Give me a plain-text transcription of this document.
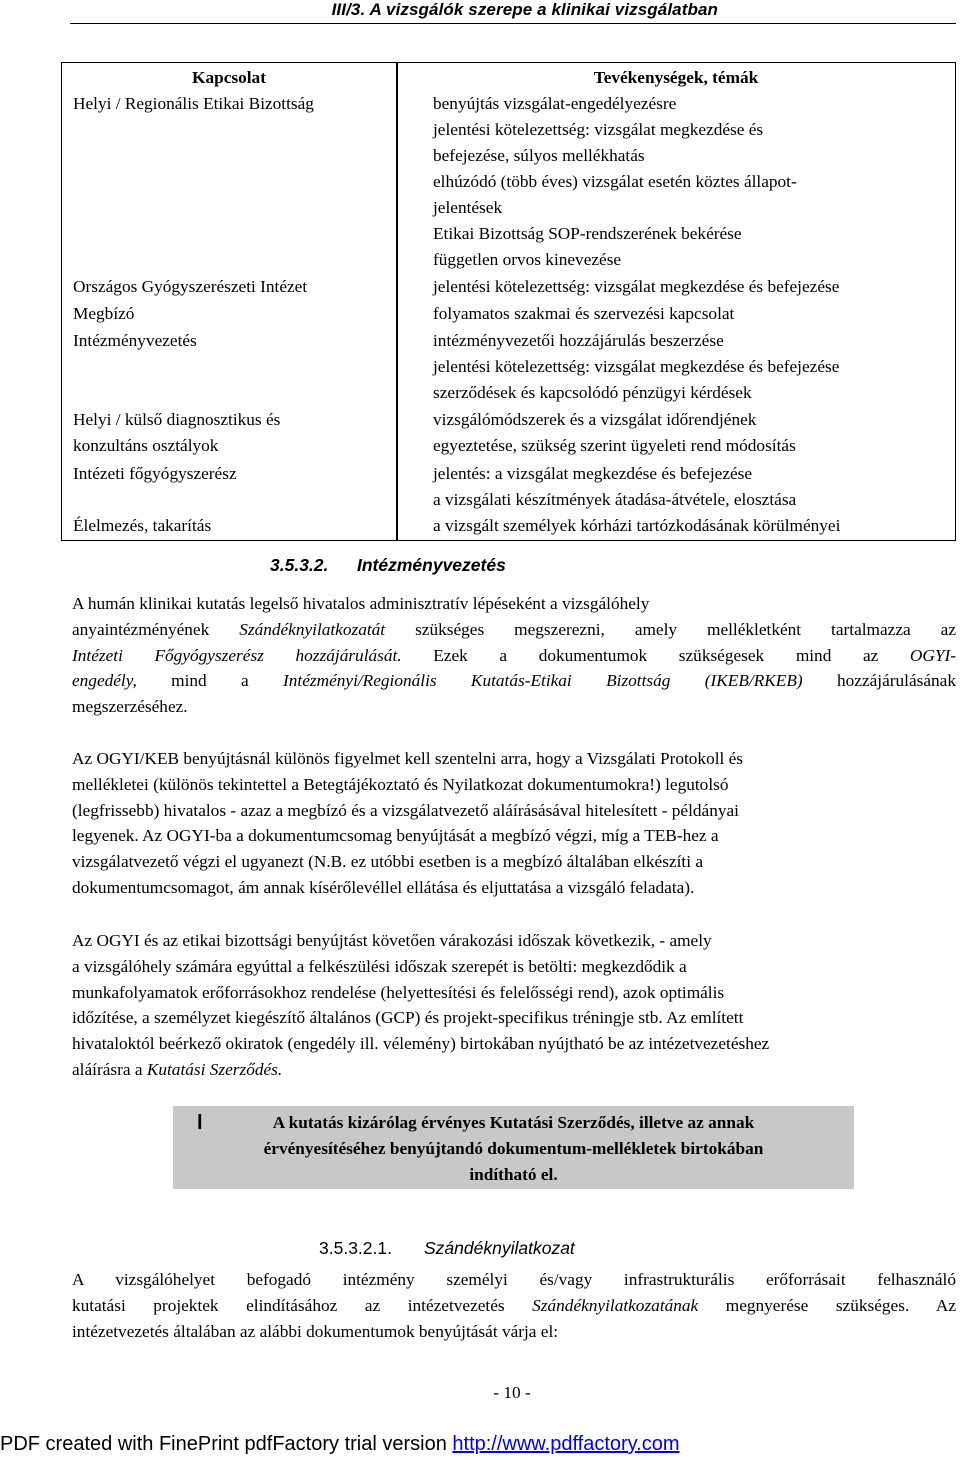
III/3. A vizsgálók szerepe a klinikai vizsgálatban
Kapcsolat	Tevékenységek, témák
Helyi / Regionális Etikai Bizottság
Országos Gyógyszerészeti Intézet
Megbízó
Intézményvezetés
Helyi / külső diagnosztikus és
konzultáns osztályok
Intézeti főgyógyszerész
Élelmezés, takarítás
benyújtás vizsgálat-engedélyezésre
jelentési kötelezettség: vizsgálat megkezdése és
befejezése, súlyos mellékhatás
elhúzódó (több éves) vizsgálat esetén köztes állapot-
jelentések
Etikai Bizottság SOP-rendszerének bekérése
független orvos kinevezése
jelentési kötelezettség: vizsgálat megkezdése és befejezése
folyamatos szakmai és szervezési kapcsolat
intézményvezetői hozzájárulás beszerzése
jelentési kötelezettség: vizsgálat megkezdése és befejezése
szerződések és kapcsolódó pénzügyi kérdések
vizsgálómódszerek és a vizsgálat időrendjének
egyeztetése, szükség szerint ügyeleti rend módosítás
jelentés: a vizsgálat megkezdése és befejezése
a vizsgálati készítmények átadása-átvétele, elosztása
a vizsgált személyek kórházi tartózkodásának körülményei
3.5.3.2. Intézményvezetés
A humán klinikai kutatás legelső hivatalos adminisztratív lépéseként a vizsgálóhely
anyaintézményének Szándéknyilatkozatát szükséges megszerezni, amely mellékletként tartalmazza az
Intézeti Főgyógyszerész hozzájárulását. Ezek a dokumentumok szükségesek mind az OGYI-
engedély, mind a Intézményi/Regionális Kutatás-Etikai Bizottság (IKEB/RKEB) hozzájárulásának
megszerzéséhez.
Az OGYI/KEB benyújtásnál különös figyelmet kell szentelni arra, hogy a Vizsgálati Protokoll és
mellékletei (különös tekintettel a Betegtájékoztató és Nyilatkozat dokumentumokra!) legutolsó
(legfrissebb) hivatalos - azaz a megbízó és a vizsgálatvezető aláírásásával hitelesített - példányai
legyenek. Az OGYI-ba a dokumentumcsomag benyújtását a megbízó végzi, míg a TEB-hez a
vizsgálatvezető végzi el ugyanezt (N.B. ez utóbbi esetben is a megbízó általában elkészíti a
dokumentumcsomagot, ám annak kísérőlevéllel ellátása és eljuttatása a vizsgáló feladata).
Az OGYI és az etikai bizottsági benyújtást követően várakozási időszak következik, - amely
a vizsgálóhely számára egyúttal a felkészülési időszak szerepét is betölti: megkezdődik a
munkafolyamatok erőforrásokhoz rendelése (helyettesítési és felelősségi rend), azok optimális
időzítése, a személyzet kiegészítő általános (GCP) és projekt-specifikus tréningje stb. Az említett
hivataloktól beérkező okiratok (engedély ill. vélemény) birtokában nyújtható be az intézetvezetéshez
aláírásra a Kutatási Szerződés.
l	A kutatás kizárólag érvényes Kutatási Szerződés, illetve az annak
érvényesítéséhez benyújtandó dokumentum-mellékletek birtokában
indítható el.
3.5.3.2.1. Szándéknyilatkozat
A vizsgálóhelyet befogadó intézmény személyi és/vagy infrastrukturális erőforrásait felhasználó
kutatási projektek elindításához az intézetvezetés Szándéknyilatkozatának megnyerése szükséges. Az
intézetvezetés általában az alábbi dokumentumok benyújtását várja el:
- 10 -
PDF created with FinePrint pdfFactory trial version http://www.pdffactory.com
